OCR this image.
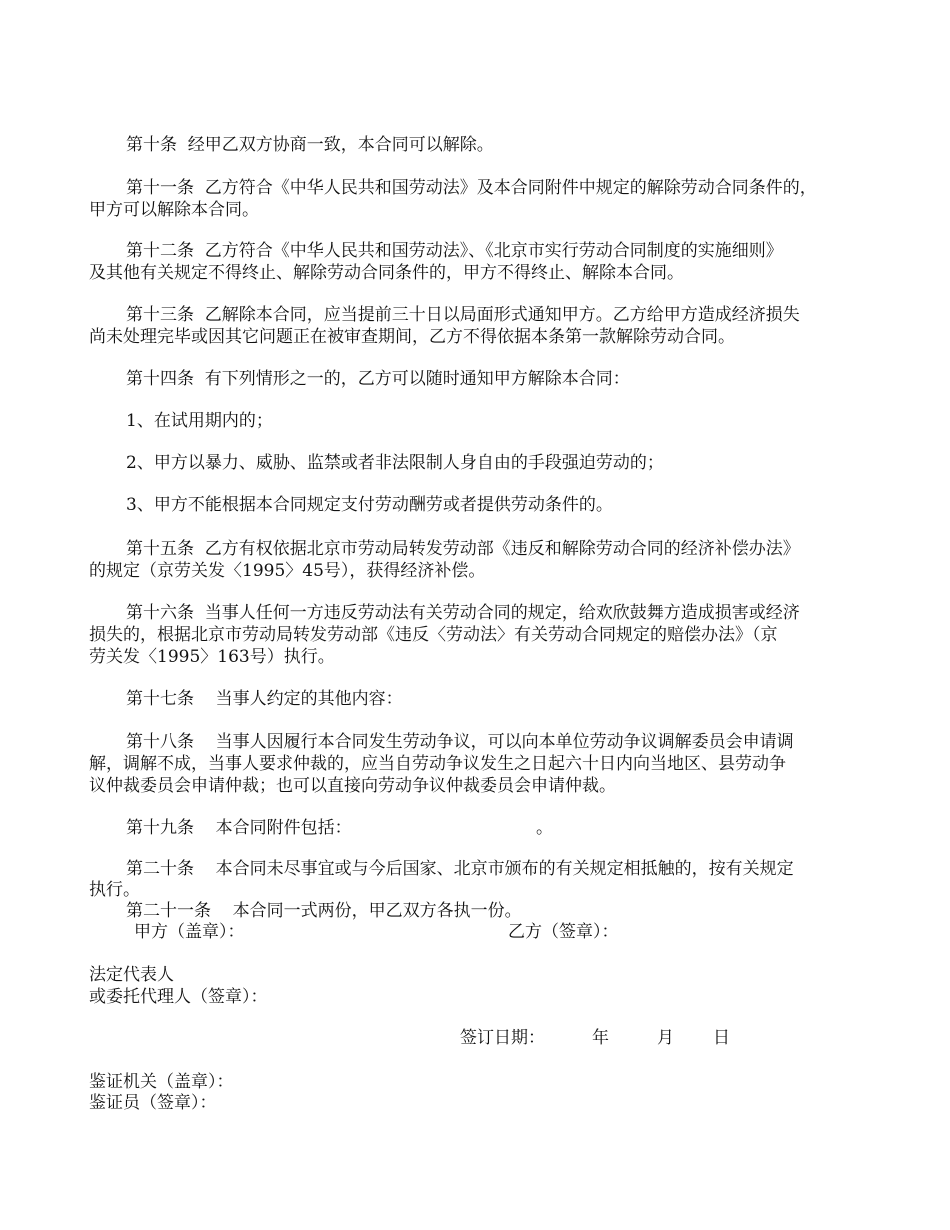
第十条  经甲乙双方协商一致，本合同可以解除。
第十一条  乙方符合《中华人民共和国劳动法》及本合同附件中规定的解除劳动合同条件的，
甲方可以解除本合同。
第十二条  乙方符合《中华人民共和国劳动法》、《北京市实行劳动合同制度的实施细则》
及其他有关规定不得终止、解除劳动合同条件的，甲方不得终止、解除本合同。
第十三条  乙解除本合同，应当提前三十日以局面形式通知甲方。乙方给甲方造成经济损失
尚未处理完毕或因其它问题正在被审查期间，乙方不得依据本条第一款解除劳动合同。
第十四条  有下列情形之一的，乙方可以随时通知甲方解除本合同：
1、在试用期内的；
2、甲方以暴力、威胁、监禁或者非法限制人身自由的手段强迫劳动的；
3、甲方不能根据本合同规定支付劳动酬劳或者提供劳动条件的。
第十五条  乙方有权依据北京市劳动局转发劳动部《违反和解除劳动合同的经济补偿办法》
的规定（京劳关发〈1995〉45号），获得经济补偿。
第十六条  当事人任何一方违反劳动法有关劳动合同的规定，给欢欣鼓舞方造成损害或经济
损失的，根据北京市劳动局转发劳动部《违反〈劳动法〉有关劳动合同规定的赔偿办法》（京
劳关发〈1995〉163号）执行。
第十七条    当事人约定的其他内容：
第十八条    当事人因履行本合同发生劳动争议，可以向本单位劳动争议调解委员会申请调
解，调解不成，当事人要求仲裁的，应当自劳动争议发生之日起六十日内向当地区、县劳动争
议仲裁委员会申请仲裁；也可以直接向劳动争议仲裁委员会申请仲裁。
第十九条    本合同附件包括：	。
第二十条    本合同未尽事宜或与今后国家、北京市颁布的有关规定相抵触的，按有关规定
执行。
第二十一条    本合同一式两份，甲乙双方各执一份。
甲方（盖章）：	乙方（签章）：
法定代表人
或委托代理人（签章）：
签订日期：	年	月 日
鉴证机关（盖章）：
鉴证员（签章）：
